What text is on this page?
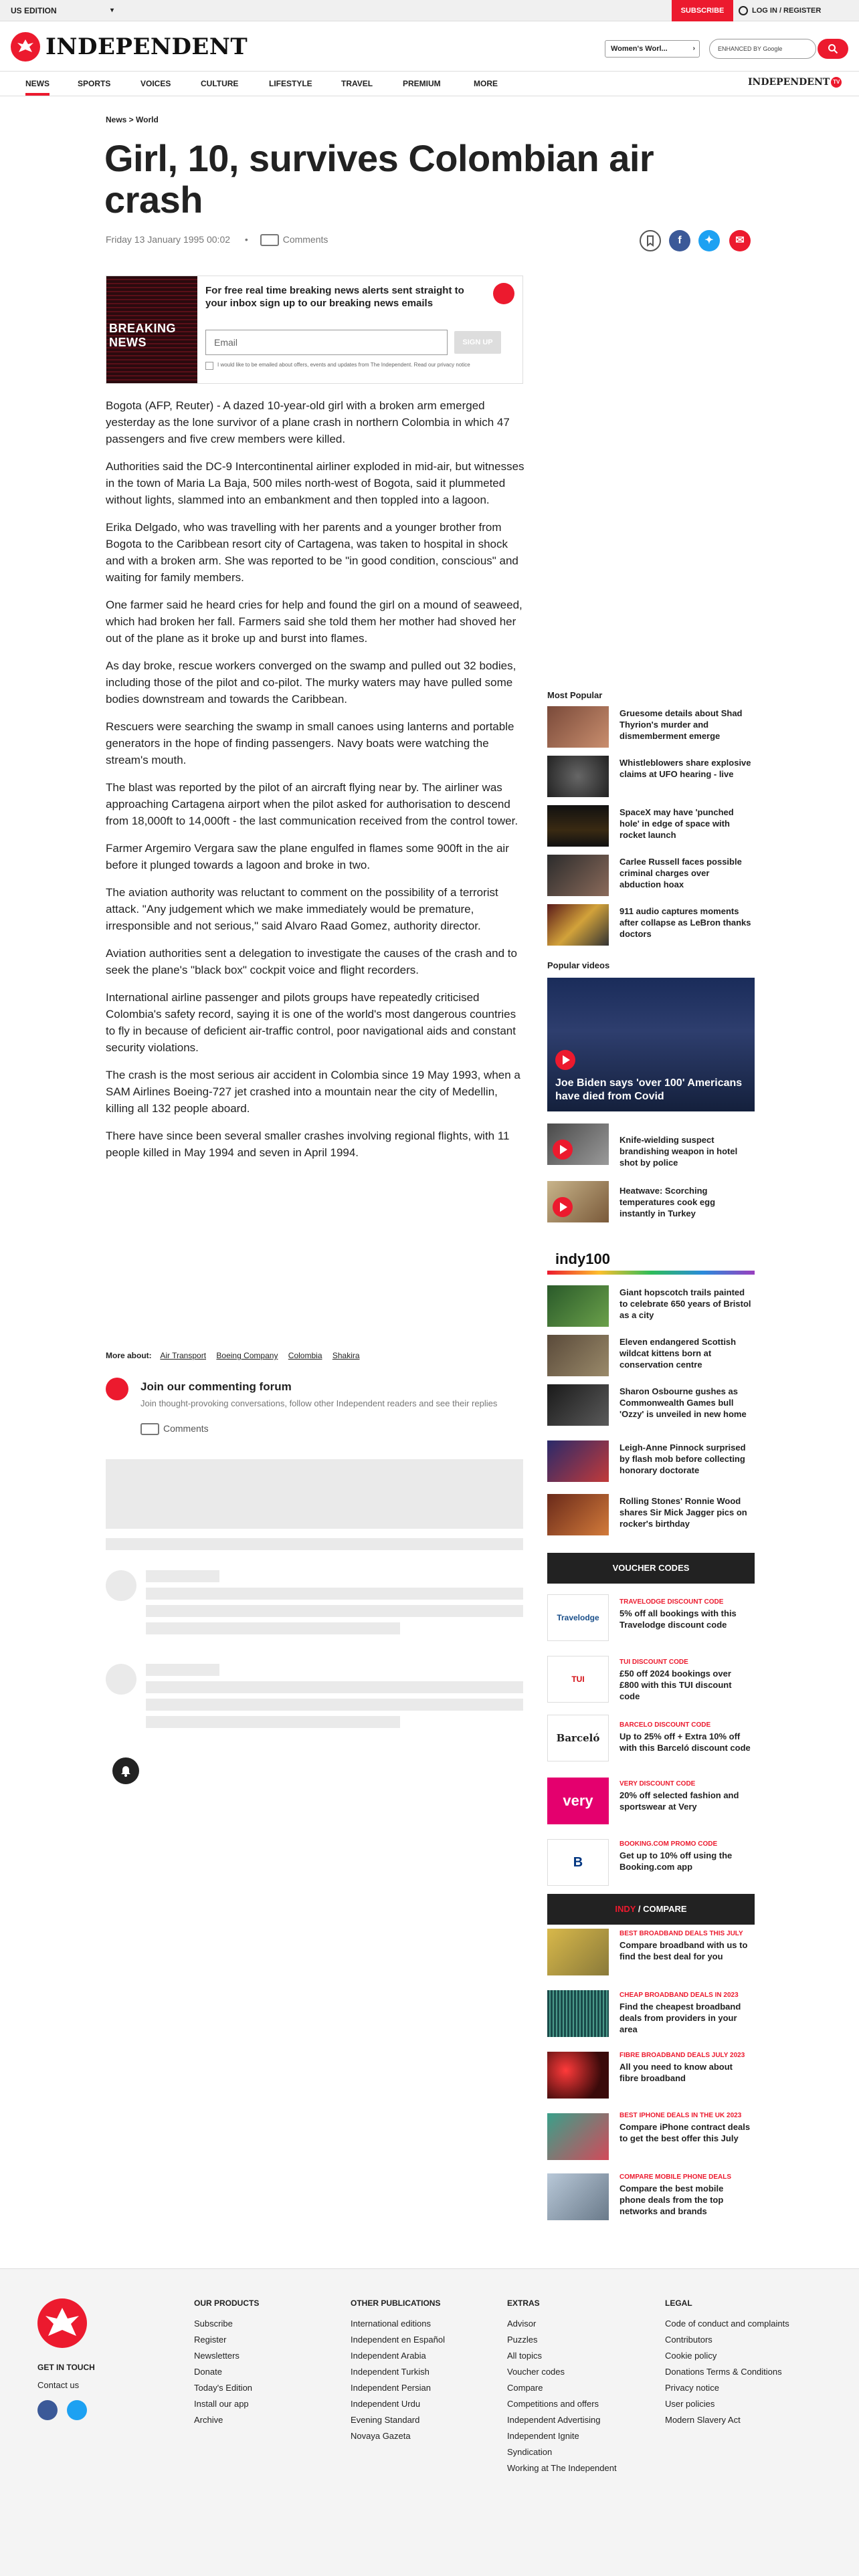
US EDITION	▾	SUBSCRIBE	LOG IN / REGISTER
INDEPENDENT	Women's Worl...	›	ENHANCED BY Google
NEWS	SPORTS	VOICES	CULTURE	LIFESTYLE	TRAVEL	PREMIUM	MORE	INDEPENDENT TV
News > World
Girl, 10, survives Colombian air crash
Friday 13 January 1995 00:02 •	Comments	f	✦	✉
BREAKING NEWS
For free real time breaking news alerts sent straight to your inbox sign up to our breaking news emails
Email	SIGN UP
I would like to be emailed about offers, events and updates from The Independent. Read our privacy notice

Bogota (AFP, Reuter) - A dazed 10-year-old girl with a broken arm emerged yesterday as the lone survivor of a plane crash in northern Colombia in which 47 passengers and five crew members were killed.

Authorities said the DC-9 Intercontinental airliner exploded in mid-air, but witnesses in the town of Maria La Baja, 500 miles north-west of Bogota, said it plummeted without lights, slammed into an embankment and then toppled into a lagoon.

Erika Delgado, who was travelling with her parents and a younger brother from Bogota to the Caribbean resort city of Cartagena, was taken to hospital in shock and with a broken arm. She was reported to be "in good condition, conscious" and waiting for family members.

One farmer said he heard cries for help and found the girl on a mound of seaweed, which had broken her fall. Farmers said she told them her mother had shoved her out of the plane as it broke up and burst into flames.

As day broke, rescue workers converged on the swamp and pulled out 32 bodies, including those of the pilot and co-pilot. The murky waters may have pulled some bodies downstream and towards the Caribbean.

Rescuers were searching the swamp in small canoes using lanterns and portable generators in the hope of finding passengers. Navy boats were watching the stream's mouth.

The blast was reported by the pilot of an aircraft flying near by. The airliner was approaching Cartagena airport when the pilot asked for authorisation to descend from 18,000ft to 14,000ft - the last communication received from the control tower.

Farmer Argemiro Vergara saw the plane engulfed in flames some 900ft in the air before it plunged towards a lagoon and broke in two.

The aviation authority was reluctant to comment on the possibility of a terrorist attack. "Any judgement which we make immediately would be premature, irresponsible and not serious," said Alvaro Raad Gomez, authority director.

Aviation authorities sent a delegation to investigate the causes of the crash and to seek the plane's "black box" cockpit voice and flight recorders.

International airline passenger and pilots groups have repeatedly criticised Colombia's safety record, saying it is one of the world's most dangerous countries to fly in because of deficient air-traffic control, poor navigational aids and constant security violations.

The crash is the most serious air accident in Colombia since 19 May 1993, when a SAM Airlines Boeing-727 jet crashed into a mountain near the city of Medellin, killing all 132 people aboard.

There have since been several smaller crashes involving regional flights, with 11 people killed in May 1994 and seven in April 1994.

More about: Air Transport Boeing Company Colombia Shakira
Join our commenting forum
Join thought-provoking conversations, follow other Independent readers and see their replies
Comments
Most Popular
Gruesome details about Shad Thyrion's murder and dismemberment emerge
Whistleblowers share explosive claims at UFO hearing - live
SpaceX may have 'punched hole' in edge of space with rocket launch
Carlee Russell faces possible criminal charges over abduction hoax
911 audio captures moments after collapse as LeBron thanks doctors
Popular videos
Joe Biden says 'over 100' Americans have died from Covid
Knife-wielding suspect brandishing weapon in hotel shot by police
Heatwave: Scorching temperatures cook egg instantly in Turkey
indy100
Giant hopscotch trails painted to celebrate 650 years of Bristol as a city
Eleven endangered Scottish wildcat kittens born at conservation centre
Sharon Osbourne gushes as Commonwealth Games bull 'Ozzy' is unveiled in new home
Leigh-Anne Pinnock surprised by flash mob before collecting honorary doctorate
Rolling Stones' Ronnie Wood shares Sir Mick Jagger pics on rocker's birthday
VOUCHER CODES
Travelodge
TRAVELODGE DISCOUNT CODE
5% off all bookings with this Travelodge discount code
TUI
TUI DISCOUNT CODE
£50 off 2024 bookings over £800 with this TUI discount code
Barceló
BARCELO DISCOUNT CODE
Up to 25% off + Extra 10% off with this Barceló discount code
very
VERY DISCOUNT CODE
20% off selected fashion and sportswear at Very
B
BOOKING.COM PROMO CODE
Get up to 10% off using the Booking.com app
INDY / COMPARE
BEST BROADBAND DEALS THIS JULY
Compare broadband with us to find the best deal for you
CHEAP BROADBAND DEALS IN 2023
Find the cheapest broadband deals from providers in your area
FIBRE BROADBAND DEALS JULY 2023
All you need to know about fibre broadband
BEST IPHONE DEALS IN THE UK 2023
Compare iPhone contract deals to get the best offer this July
COMPARE MOBILE PHONE DEALS
Compare the best mobile phone deals from the top networks and brands
GET IN TOUCH
Contact us
OUR PRODUCTS
Subscribe
Register
Newsletters
Donate
Today's Edition
Install our app
Archive
OTHER PUBLICATIONS
International editions
Independent en Español
Independent Arabia
Independent Turkish
Independent Persian
Independent Urdu
Evening Standard
Novaya Gazeta
EXTRAS
Advisor
Puzzles
All topics
Voucher codes
Compare
Competitions and offers
Independent Advertising
Independent Ignite
Syndication
Working at The Independent
LEGAL
Code of conduct and complaints
Contributors
Cookie policy
Donations Terms & Conditions
Privacy notice
User policies
Modern Slavery Act
